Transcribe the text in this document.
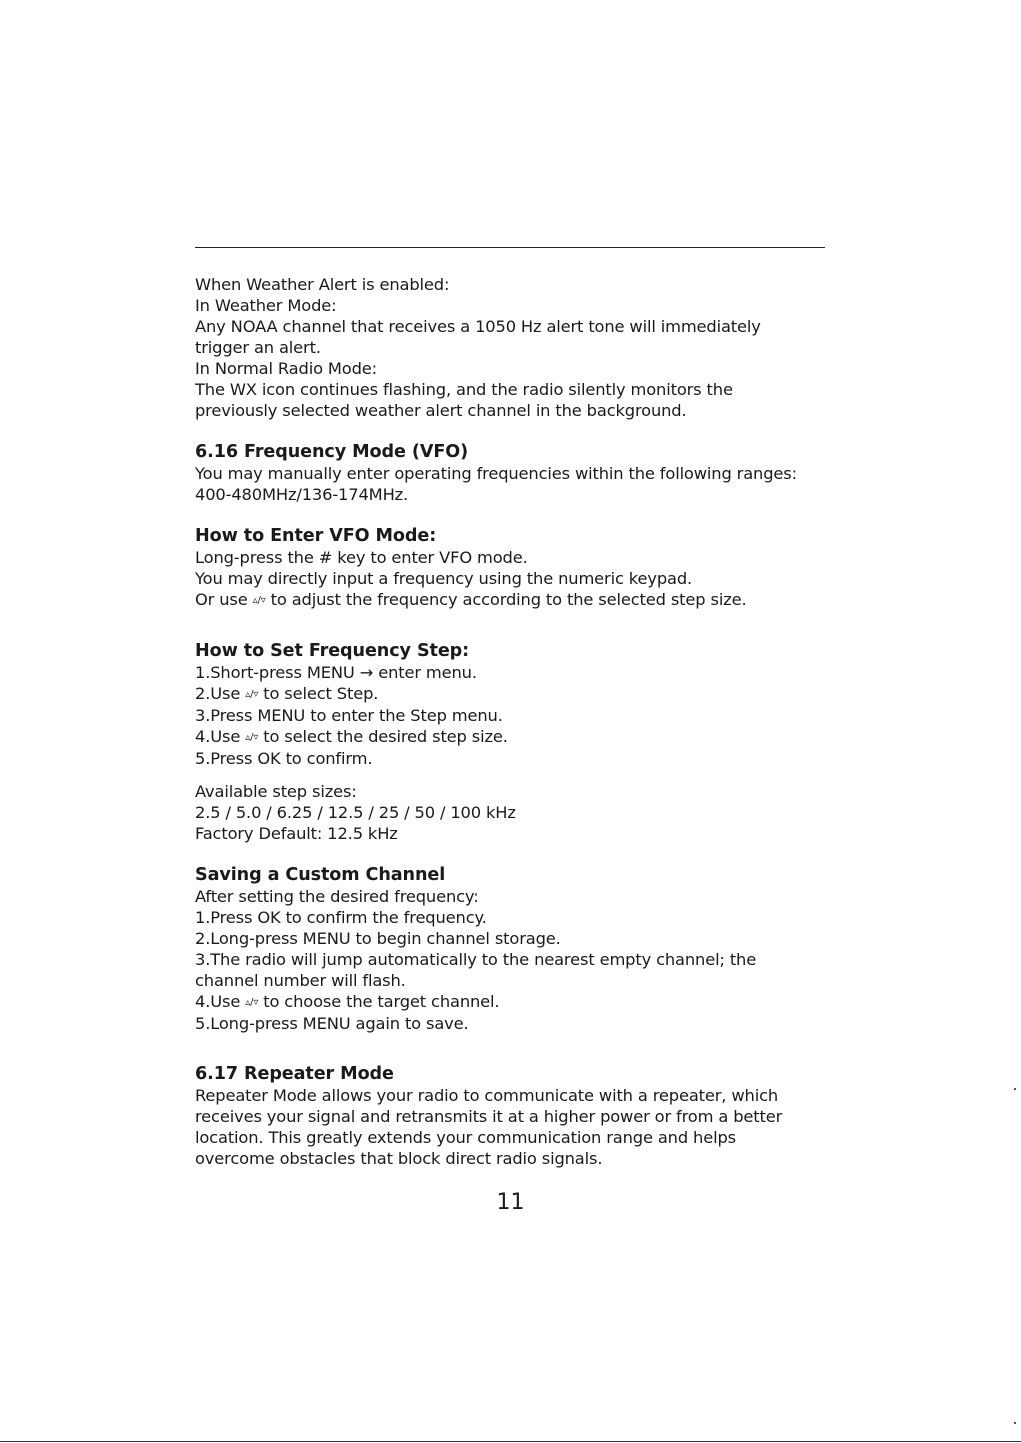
When Weather Alert is enabled:
In Weather Mode:
Any NOAA channel that receives a 1050 Hz alert tone will immediately
trigger an alert.
In Normal Radio Mode:
The WX icon continues flashing, and the radio silently monitors the
previously selected weather alert channel in the background.
6.16 Frequency Mode (VFO)
You may manually enter operating frequencies within the following ranges:
400-480MHz/136-174MHz.
How to Enter VFO Mode:
Long-press the # key to enter VFO mode.
You may directly input a frequency using the numeric keypad.
Or use ▵/▿ to adjust the frequency according to the selected step size.
How to Set Frequency Step:
1.Short-press MENU → enter menu.
2.Use ▵/▿ to select Step.
3.Press MENU to enter the Step menu.
4.Use ▵/▿ to select the desired step size.
5.Press OK to confirm.
Available step sizes:
2.5 / 5.0 / 6.25 / 12.5 / 25 / 50 / 100 kHz
Factory Default: 12.5 kHz
Saving a Custom Channel
After setting the desired frequency:
1.Press OK to confirm the frequency.
2.Long-press MENU to begin channel storage.
3.The radio will jump automatically to the nearest empty channel; the
channel number will flash.
4.Use ▵/▿ to choose the target channel.
5.Long-press MENU again to save.
6.17 Repeater Mode
Repeater Mode allows your radio to communicate with a repeater, which
receives your signal and retransmits it at a higher power or from a better
location. This greatly extends your communication range and helps
overcome obstacles that block direct radio signals.
11
